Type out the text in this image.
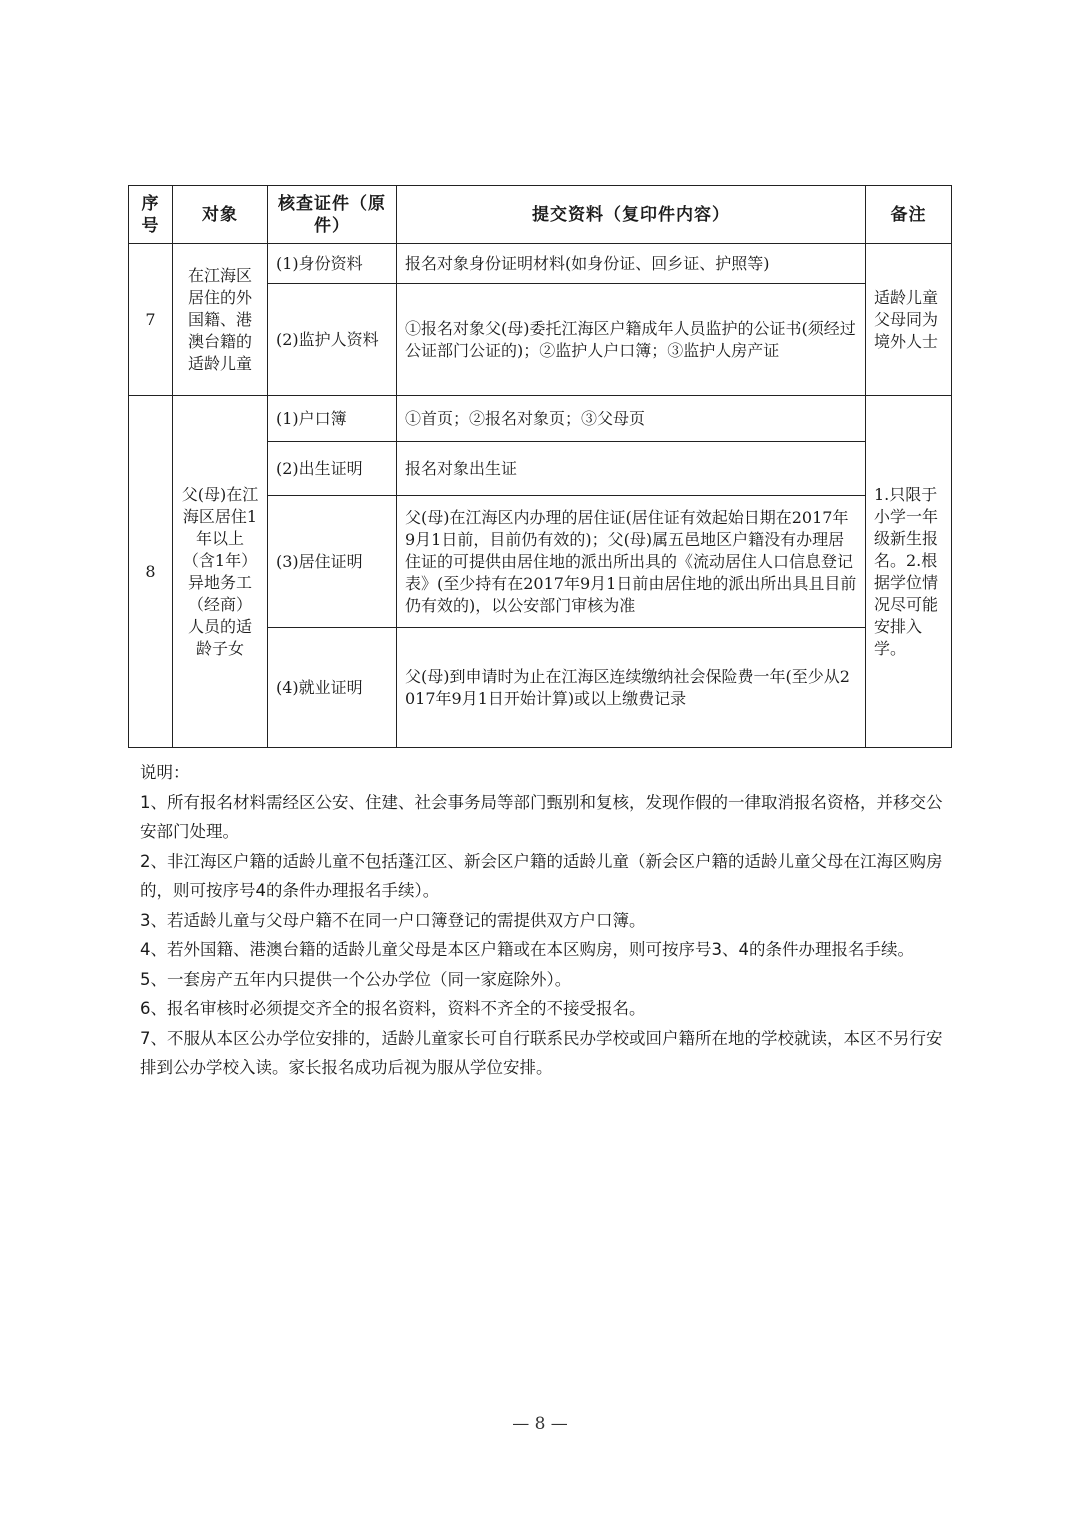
序号	对象	核查证件（原件）	提交资料（复印件内容）	备注
7	在江海区居住的外国籍、港澳台籍的适龄儿童	(1)身份资料	报名对象身份证明材料(如身份证、回乡证、护照等)	适龄儿童父母同为境外人士
		(2)监护人资料	①报名对象父(母)委托江海区户籍成年人员监护的公证书(须经过公证部门公证的)；②监护人户口簿；③监护人房产证	
8	父(母)在江海区居住1年以上（含1年）异地务工（经商）人员的适龄子女	(1)户口簿	①首页；②报名对象页；③父母页	1.只限于小学一年级新生报名。2.根据学位情况尽可能安排入学。
		(2)出生证明	报名对象出生证	
		(3)居住证明	父(母)在江海区内办理的居住证(居住证有效起始日期在2017年9月1日前，目前仍有效的)；父(母)属五邑地区户籍没有办理居住证的可提供由居住地的派出所出具的《流动居住人口信息登记表》(至少持有在2017年9月1日前由居住地的派出所出具且目前仍有效的)，以公安部门审核为准	
		(4)就业证明	父(母)到申请时为止在江海区连续缴纳社会保险费一年(至少从2017年9月1日开始计算)或以上缴费记录	

说明：

1、所有报名材料需经区公安、住建、社会事务局等部门甄别和复核，发现作假的一律取消报名资格，并移交公安部门处理。

2、非江海区户籍的适龄儿童不包括蓬江区、新会区户籍的适龄儿童（新会区户籍的适龄儿童父母在江海区购房的，则可按序号4的条件办理报名手续）。

3、若适龄儿童与父母户籍不在同一户口簿登记的需提供双方户口簿。

4、若外国籍、港澳台籍的适龄儿童父母是本区户籍或在本区购房，则可按序号3、4的条件办理报名手续。

5、一套房产五年内只提供一个公办学位（同一家庭除外）。

6、报名审核时必须提交齐全的报名资料，资料不齐全的不接受报名。

7、不服从本区公办学位安排的，适龄儿童家长可自行联系民办学校或回户籍所在地的学校就读，本区不另行安排到公办学校入读。家长报名成功后视为服从学位安排。

— 8 —
